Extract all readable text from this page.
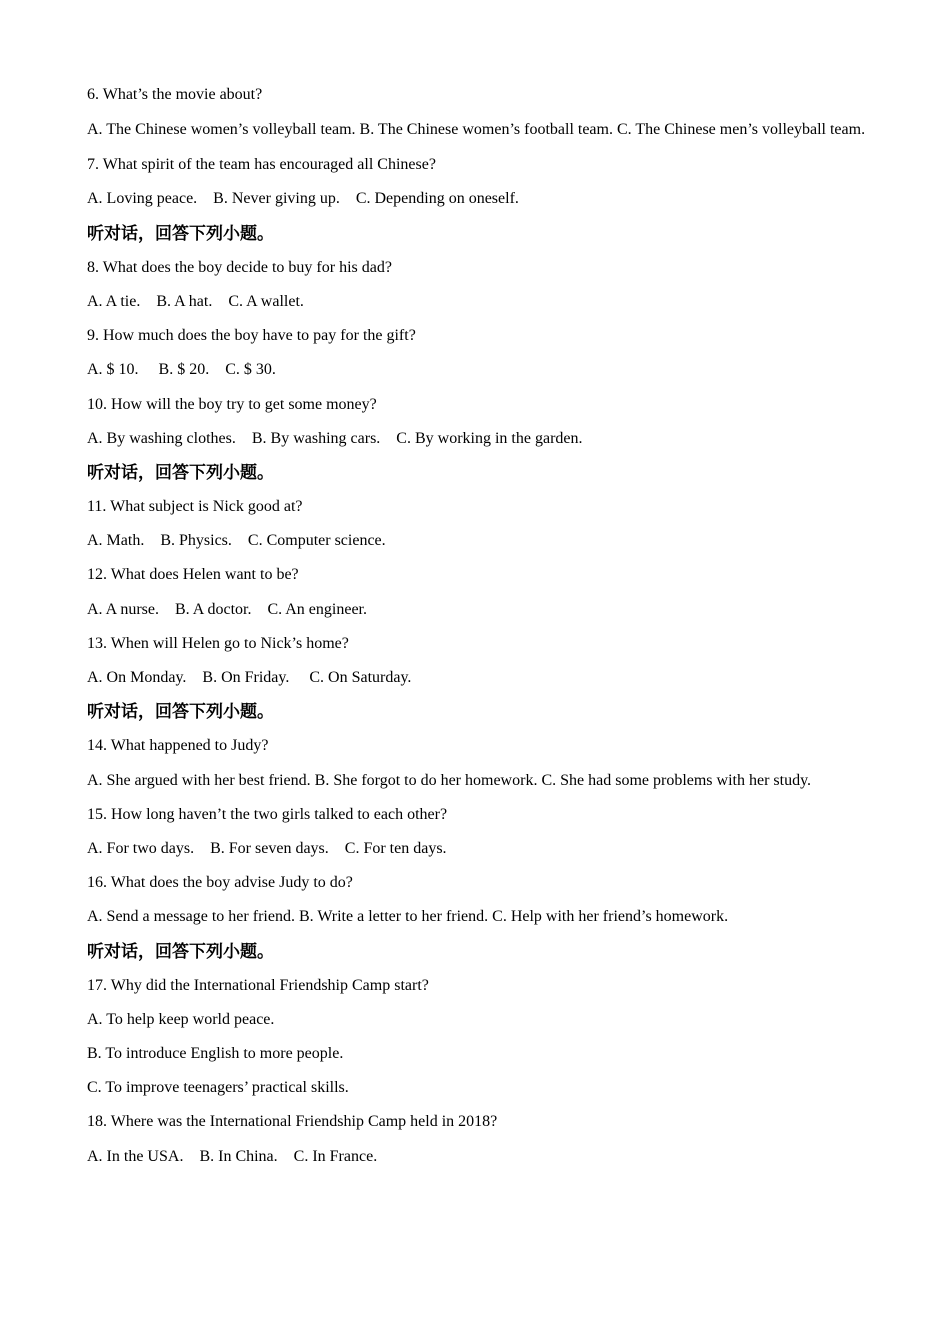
6. What’s the movie about?
A. The Chinese women’s volleyball team. B. The Chinese women’s football team. C. The Chinese men’s volleyball team.
7. What spirit of the team has encouraged all Chinese?
A. Loving peace.    B. Never giving up.    C. Depending on oneself.
听对话，回答下列小题。
8. What does the boy decide to buy for his dad?
A. A tie.    B. A hat.    C. A wallet.
9. How much does the boy have to pay for the gift?
A. $ 10.     B. $ 20.    C. $ 30.
10. How will the boy try to get some money?
A. By washing clothes.    B. By washing cars.    C. By working in the garden.
听对话，回答下列小题。
11. What subject is Nick good at?
A. Math.    B. Physics.    C. Computer science.
12. What does Helen want to be?
A. A nurse.    B. A doctor.    C. An engineer.
13. When will Helen go to Nick’s home?
A. On Monday.    B. On Friday.     C. On Saturday.
听对话，回答下列小题。
14. What happened to Judy?
A. She argued with her best friend. B. She forgot to do her homework. C. She had some problems with her study.
15. How long haven’t the two girls talked to each other?
A. For two days.    B. For seven days.    C. For ten days.
16. What does the boy advise Judy to do?
A. Send a message to her friend. B. Write a letter to her friend. C. Help with her friend’s homework.
听对话，回答下列小题。
17. Why did the International Friendship Camp start?
A. To help keep world peace.
B. To introduce English to more people.
C. To improve teenagers’ practical skills.
18. Where was the International Friendship Camp held in 2018?
A. In the USA.    B. In China.    C. In France.
